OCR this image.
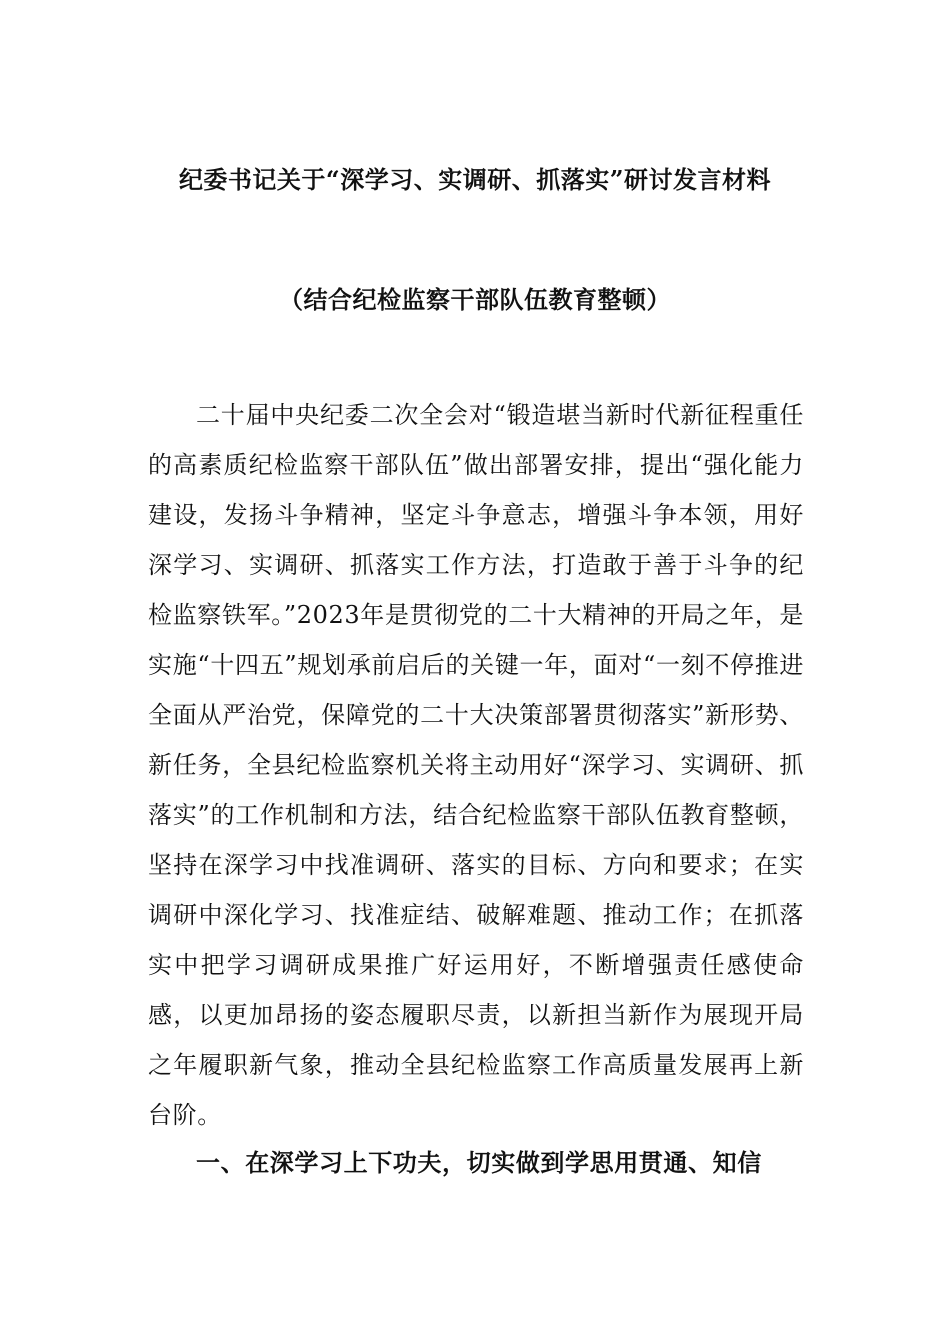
纪委书记关于“深学习、实调研、抓落实”研讨发言材料
（结合纪检监察干部队伍教育整顿）

二十届中央纪委二次全会对“锻造堪当新时代新征程重任的高素质纪检监察干部队伍”做出部署安排，提出“强化能力建设，发扬斗争精神，坚定斗争意志，增强斗争本领，用好深学习、实调研、抓落实工作方法，打造敢于善于斗争的纪检监察铁军。”2023年是贯彻党的二十大精神的开局之年，是实施“十四五”规划承前启后的关键一年，面对“一刻不停推进全面从严治党，保障党的二十大决策部署贯彻落实”新形势、新任务，全县纪检监察机关将主动用好“深学习、实调研、抓落实”的工作机制和方法，结合纪检监察干部队伍教育整顿，坚持在深学习中找准调研、落实的目标、方向和要求；在实调研中深化学习、找准症结、破解难题、推动工作；在抓落实中把学习调研成果推广好运用好，不断增强责任感使命感，以更加昂扬的姿态履职尽责，以新担当新作为展现开局之年履职新气象，推动全县纪检监察工作高质量发展再上新台阶。

一、在深学习上下功夫，切实做到学思用贯通、知信
